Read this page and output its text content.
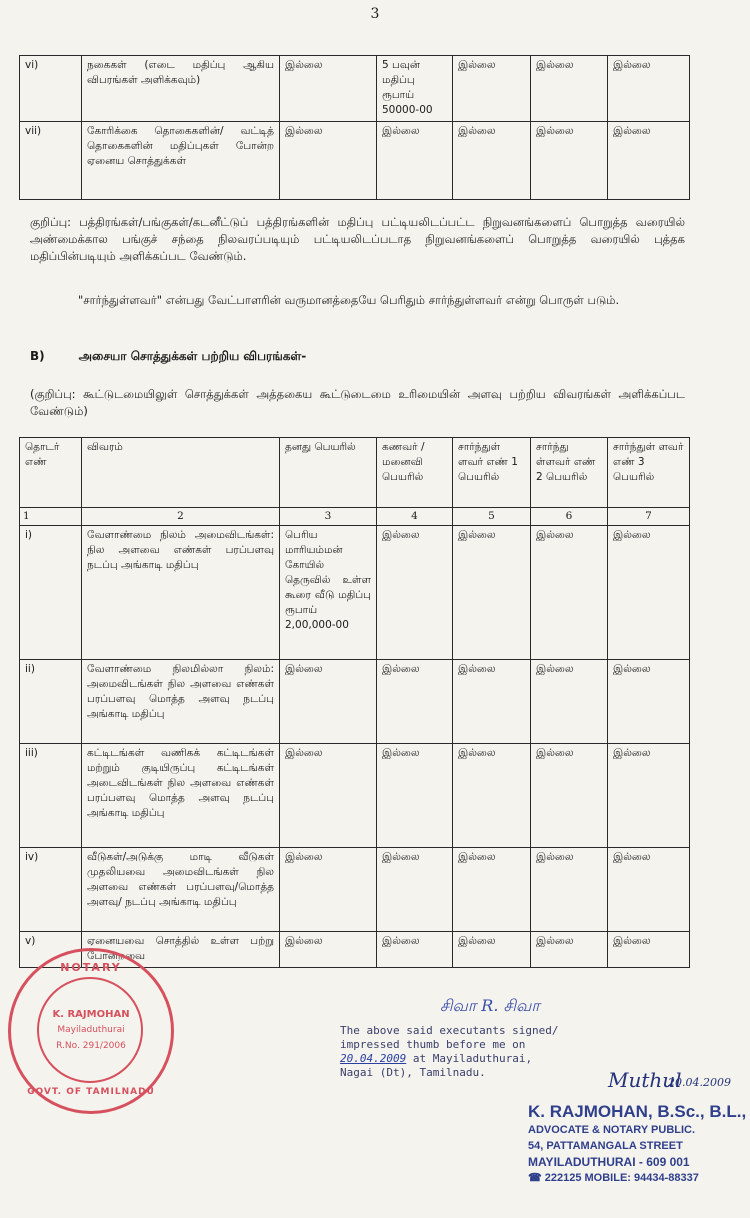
3
vi)	நகைகள் (எடை மதிப்பு ஆகிய விபரங்கள் அளிக்கவும்)	இல்லை	5 பவுன் மதிப்பு ரூபாய் 50000-00	இல்லை	இல்லை	இல்லை
vii)	கோரிக்கை தொகைகளின்/ வட்டித் தொகைகளின் மதிப்புகள் போன்ற ஏனைய சொத்துக்கள்	இல்லை	இல்லை	இல்லை	இல்லை	இல்லை
குறிப்பு: பத்திரங்கள்/பங்குகள்/கடனீட்டுப் பத்திரங்களின் மதிப்பு பட்டியலிடப்பட்ட நிறுவனங்களைப் பொறுத்த வரையில் அண்மைக்கால பங்குச் சந்தை நிலவரப்படியும் பட்டியலிடப்படாத நிறுவனங்களைப் பொறுத்த வரையில் புத்தக மதிப்பின்படியும் அளிக்கப்பட வேண்டும்.
"சார்ந்துள்ளவர்" என்பது வேட்பாளரின் வருமானத்தையே பெரிதும் சார்ந்துள்ளவர் என்று பொருள் படும்.
B)	அசையா சொத்துக்கள் பற்றிய விபரங்கள்-
(குறிப்பு: கூட்டுடமையிலுள் சொத்துக்கள் அத்தகைய கூட்டுடைமை உரிமையின் அளவு பற்றிய விவரங்கள் அளிக்கப்பட வேண்டும்)
தொடர் எண்	விவரம்	தனது பெயரில்	கணவர் / மனைவி பெயரில்	சார்ந்துள் ளவர் எண் 1 பெயரில்	சார்ந்து ள்ளவர் எண் 2 பெயரில்	சார்ந்துள் ளவர் எண் 3 பெயரில்
1	2	3	4	5	6	7
i)	வேளாண்மை நிலம் அமைவிடங்கள்: நில அளவை எண்கள் பரப்பளவு நடப்பு அங்காடி மதிப்பு	பெரிய மாரியம்மன் கோயில் தெருவில் உள்ள கூரை வீடு மதிப்பு ரூபாய் 2,00,000-00	இல்லை	இல்லை	இல்லை	இல்லை
ii)	வேளாண்மை நிலமில்லா நிலம்: அமைவிடங்கள் நில அளவை எண்கள் பரப்பளவு மொத்த அளவு நடப்பு அங்காடி மதிப்பு	இல்லை	இல்லை	இல்லை	இல்லை	இல்லை
iii)	கட்டிடங்கள் வணிகக் கட்டிடங்கள் மற்றும் குடியிருப்பு கட்டிடங்கள் அடைவிடங்கள் நில அளவை எண்கள் பரப்பளவு மொத்த அளவு நடப்பு அங்காடி மதிப்பு	இல்லை	இல்லை	இல்லை	இல்லை	இல்லை
iv)	வீடுகள்/அடுக்கு மாடி வீடுகள் முதலியவை அமைவிடங்கள் நில அளவை எண்கள் பரப்பளவு/மொத்த அளவு/ நடப்பு அங்காடி மதிப்பு	இல்லை	இல்லை	இல்லை	இல்லை	இல்லை
v)	ஏனையவை சொத்தில் உள்ள பற்று போன்றவை	இல்லை	இல்லை	இல்லை	இல்லை	இல்லை
NOTARY
K. RAJMOHAN
Mayiladuthurai
R.No. 291/2006
GOVT. OF TAMILNADU
சிவா R. சிவா
Muthul
20.04.2009
The above said executants signed/
impressed thumb before me on
20.04.2009 at Mayiladuthurai,
Nagai (Dt), Tamilnadu.
K. RAJMOHAN, B.Sc., B.L.,
ADVOCATE & NOTARY PUBLIC.
54, PATTAMANGALA STREET
MAYILADUTHURAI - 609 001
☎ 222125 MOBILE: 94434-88337
